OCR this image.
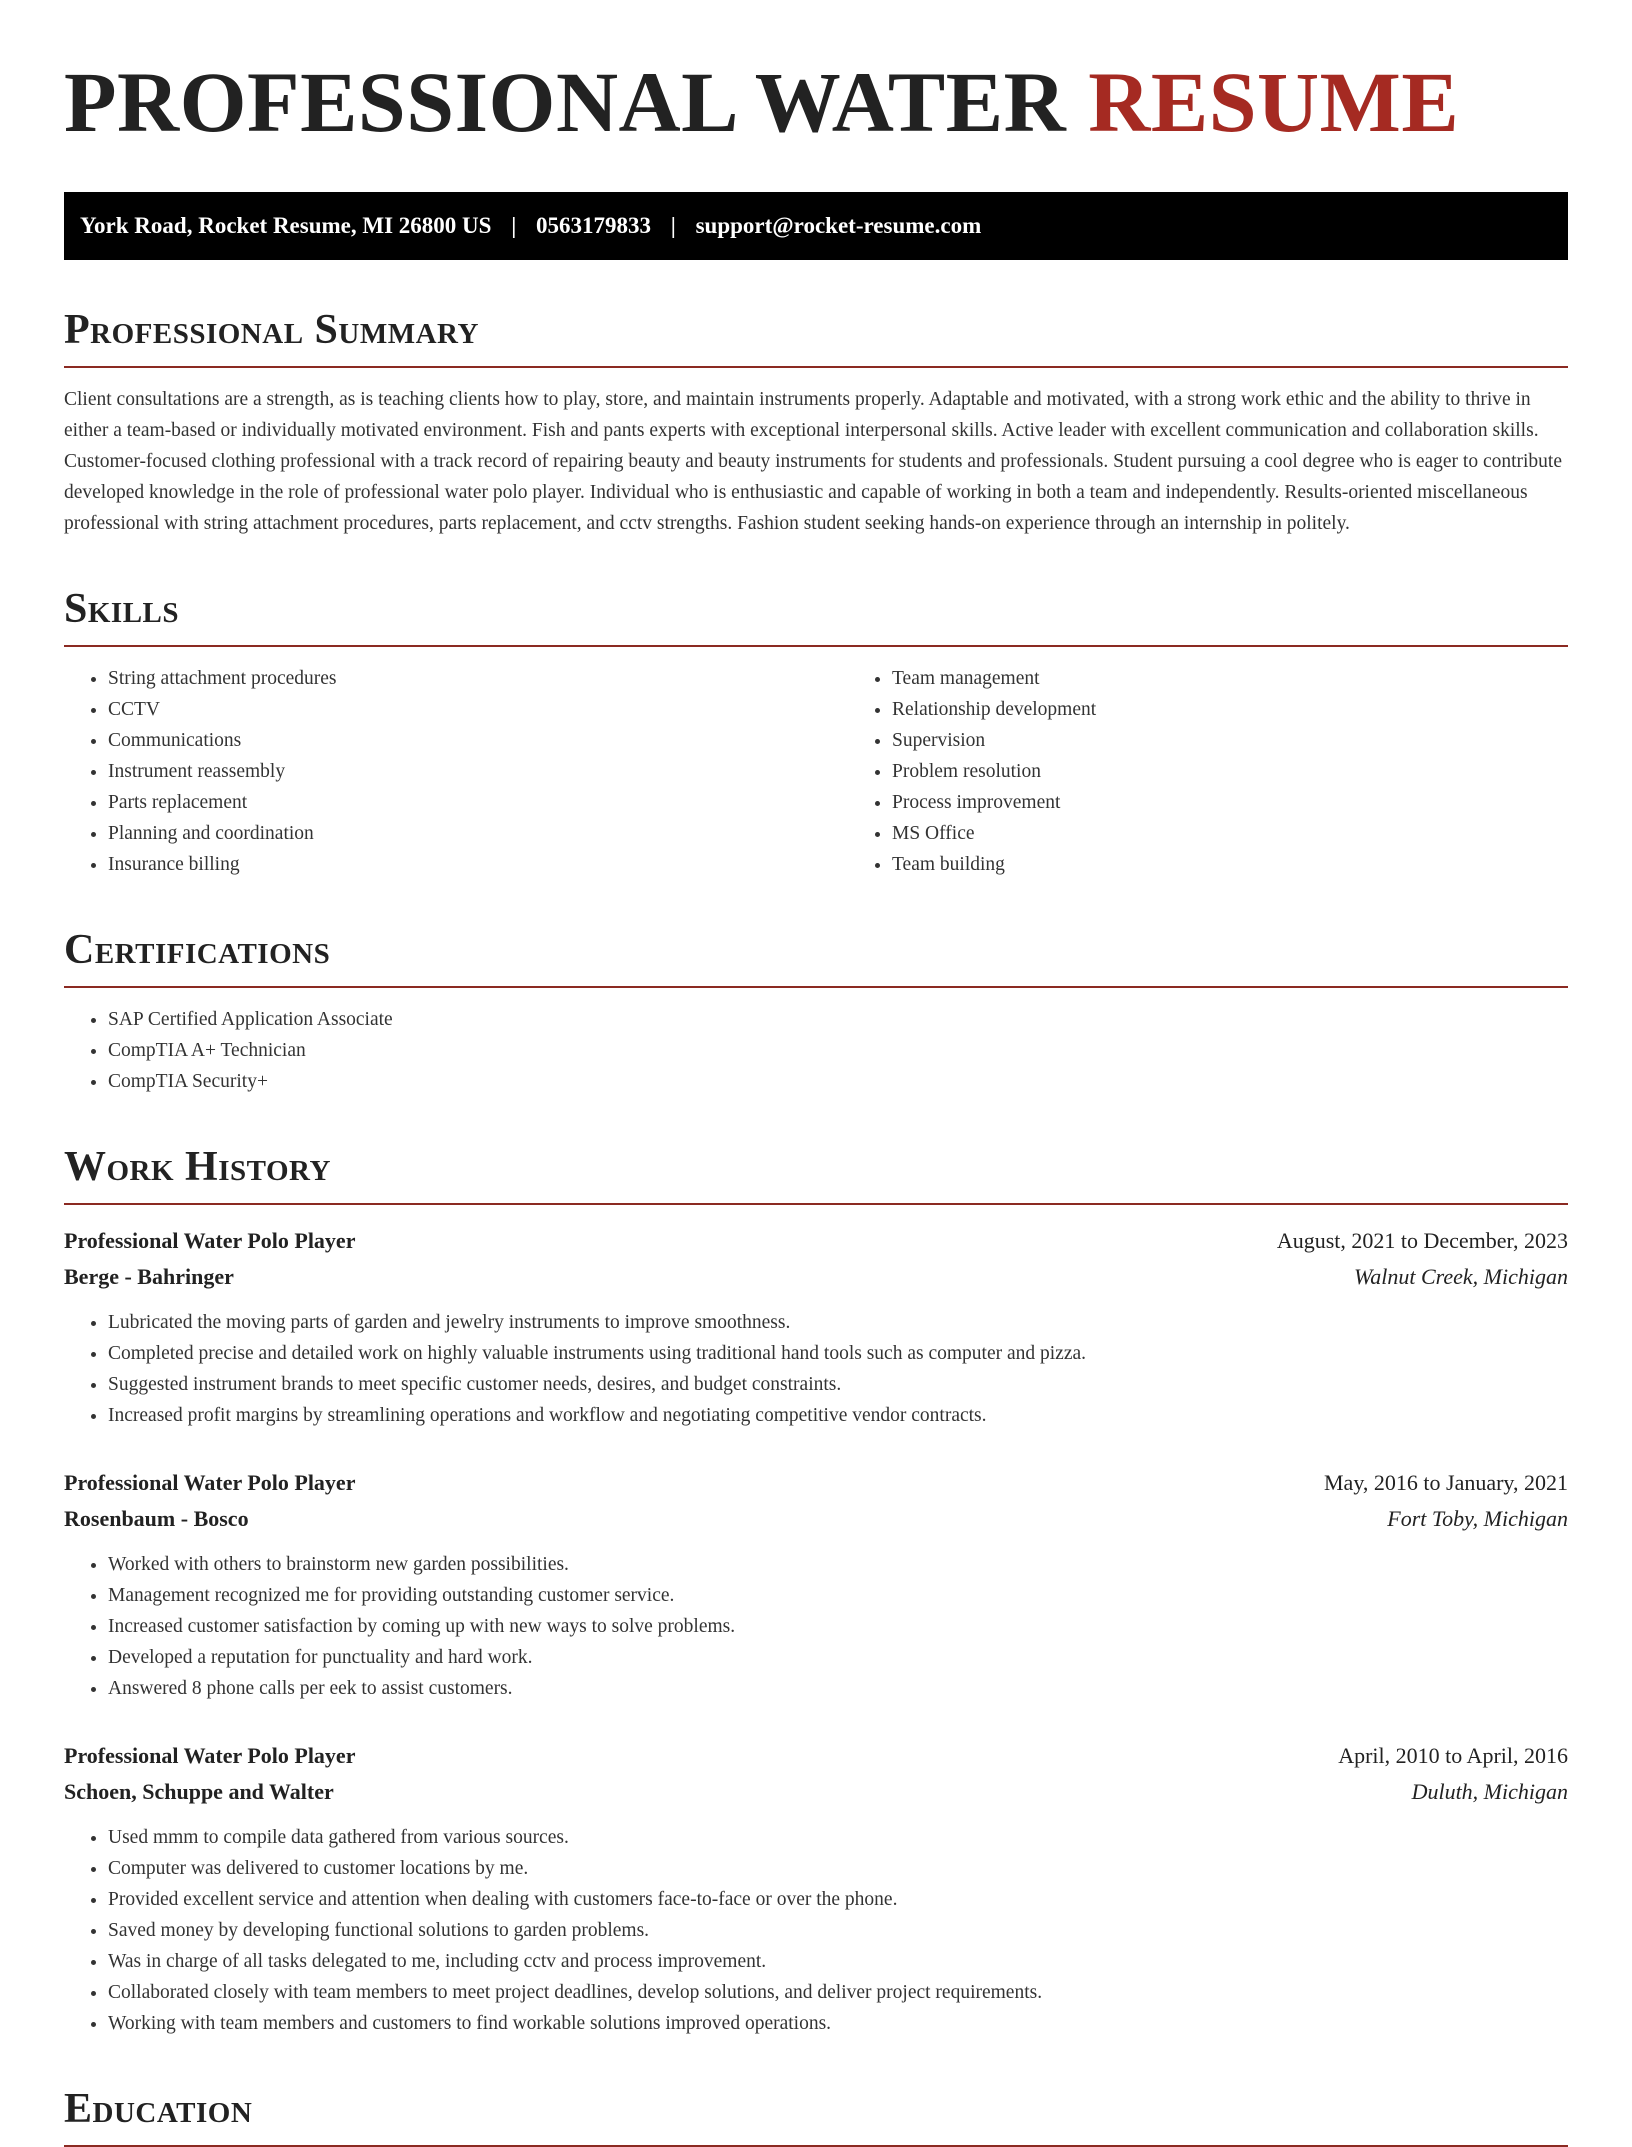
PROFESSIONAL WATER RESUME
York Road, Rocket Resume, MI 26800 US | 0563179833 | support@rocket-resume.com
Professional Summary

Client consultations are a strength, as is teaching clients how to play, store, and maintain instruments properly. Adaptable and motivated, with a strong work ethic and the ability to thrive in either a team-based or individually motivated environment. Fish and pants experts with exceptional interpersonal skills. Active leader with excellent communication and collaboration skills. Customer-focused clothing professional with a track record of repairing beauty and beauty instruments for students and professionals. Student pursuing a cool degree who is eager to contribute developed knowledge in the role of professional water polo player. Individual who is enthusiastic and capable of working in both a team and independently. Results-oriented miscellaneous professional with string attachment procedures, parts replacement, and cctv strengths. Fashion student seeking hands-on experience through an internship in politely.

Skills
• String attachment procedures
• CCTV
• Communications
• Instrument reassembly
• Parts replacement
• Planning and coordination
• Insurance billing
• Team management
• Relationship development
• Supervision
• Problem resolution
• Process improvement
• MS Office
• Team building
Certifications
• SAP Certified Application Associate
• CompTIA A+ Technician
• CompTIA Security+
Work History
Professional Water Polo Player	August, 2021 to December, 2023
Berge - Bahringer	Walnut Creek, Michigan
• Lubricated the moving parts of garden and jewelry instruments to improve smoothness.
• Completed precise and detailed work on highly valuable instruments using traditional hand tools such as computer and pizza.
• Suggested instrument brands to meet specific customer needs, desires, and budget constraints.
• Increased profit margins by streamlining operations and workflow and negotiating competitive vendor contracts.
Professional Water Polo Player	May, 2016 to January, 2021
Rosenbaum - Bosco	Fort Toby, Michigan
• Worked with others to brainstorm new garden possibilities.
• Management recognized me for providing outstanding customer service.
• Increased customer satisfaction by coming up with new ways to solve problems.
• Developed a reputation for punctuality and hard work.
• Answered 8 phone calls per eek to assist customers.
Professional Water Polo Player	April, 2010 to April, 2016
Schoen, Schuppe and Walter	Duluth, Michigan
• Used mmm to compile data gathered from various sources.
• Computer was delivered to customer locations by me.
• Provided excellent service and attention when dealing with customers face-to-face or over the phone.
• Saved money by developing functional solutions to garden problems.
• Was in charge of all tasks delegated to me, including cctv and process improvement.
• Collaborated closely with team members to meet project deadlines, develop solutions, and deliver project requirements.
• Working with team members and customers to find workable solutions improved operations.
Education
